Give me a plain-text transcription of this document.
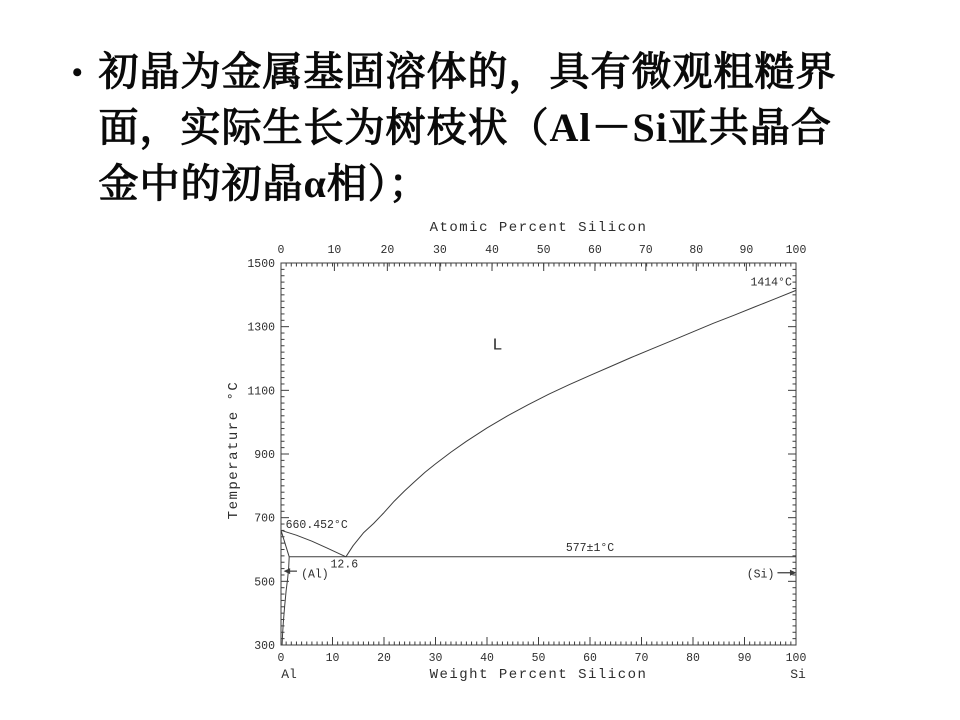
• 初晶为金属基固溶体的，具有微观粗糙界
面，实际生长为树枝状（Al－Si亚共晶合
金中的初晶α相）；
0	10	20	30	40	50	60	70	80	90	100
0	10	20	30	40	50	60	70	80	90	100
300
500
700
900
1100
1300
1500
Atomic Percent Silicon
Weight Percent Silicon
Temperature °C
Al	Si
660.452°C
12.6
577±1°C
1414°C
L
(Al)	(Si)
